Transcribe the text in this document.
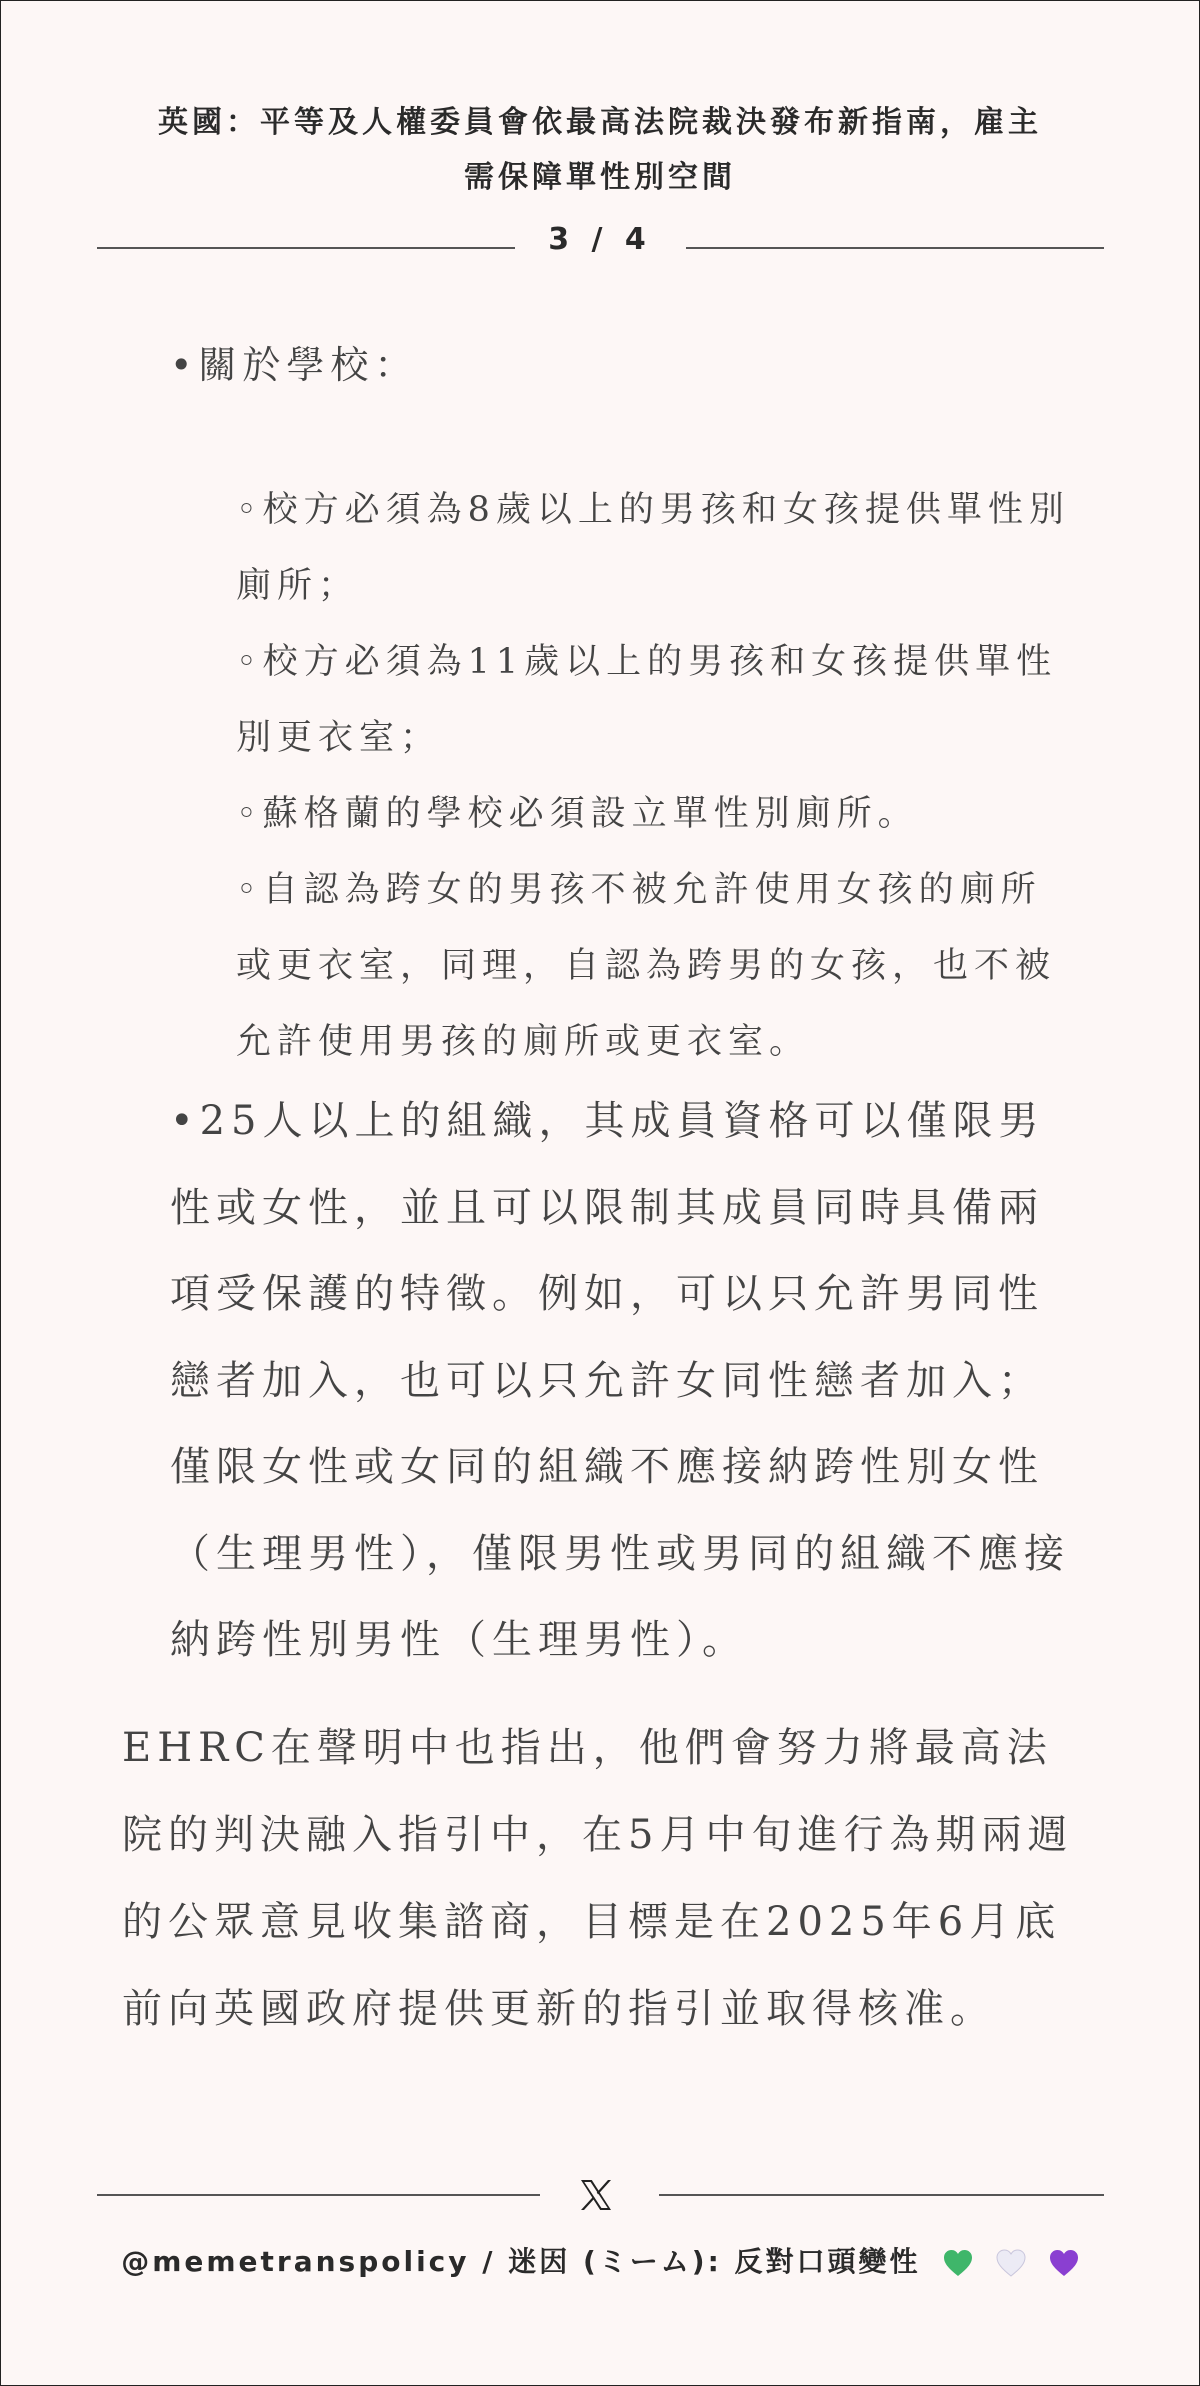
英國：平等及人權委員會依最高法院裁決發布新指南，雇主
需保障單性別空間
3 / 4
•關於學校：
◦校方必須為8歲以上的男孩和女孩提供單性別廁所；
◦校方必須為11歲以上的男孩和女孩提供單性別更衣室；
◦蘇格蘭的學校必須設立單性別廁所。
◦自認為跨女的男孩不被允許使用女孩的廁所或更衣室，同理，自認為跨男的女孩，也不被允許使用男孩的廁所或更衣室。
•25人以上的組織，其成員資格可以僅限男性或女性，並且可以限制其成員同時具備兩項受保護的特徵。例如，可以只允許男同性戀者加入，也可以只允許女同性戀者加入；僅限女性或女同的組織不應接納跨性別女性（生理男性），僅限男性或男同的組織不應接納跨性別男性（生理男性）。
EHRC在聲明中也指出，他們會努力將最高法院的判決融入指引中，在5月中旬進行為期兩週的公眾意見收集諮商，目標是在2025年6月底前向英國政府提供更新的指引並取得核准。
@memetranspolicy / 迷因 (ミーム): 反對口頭變性
